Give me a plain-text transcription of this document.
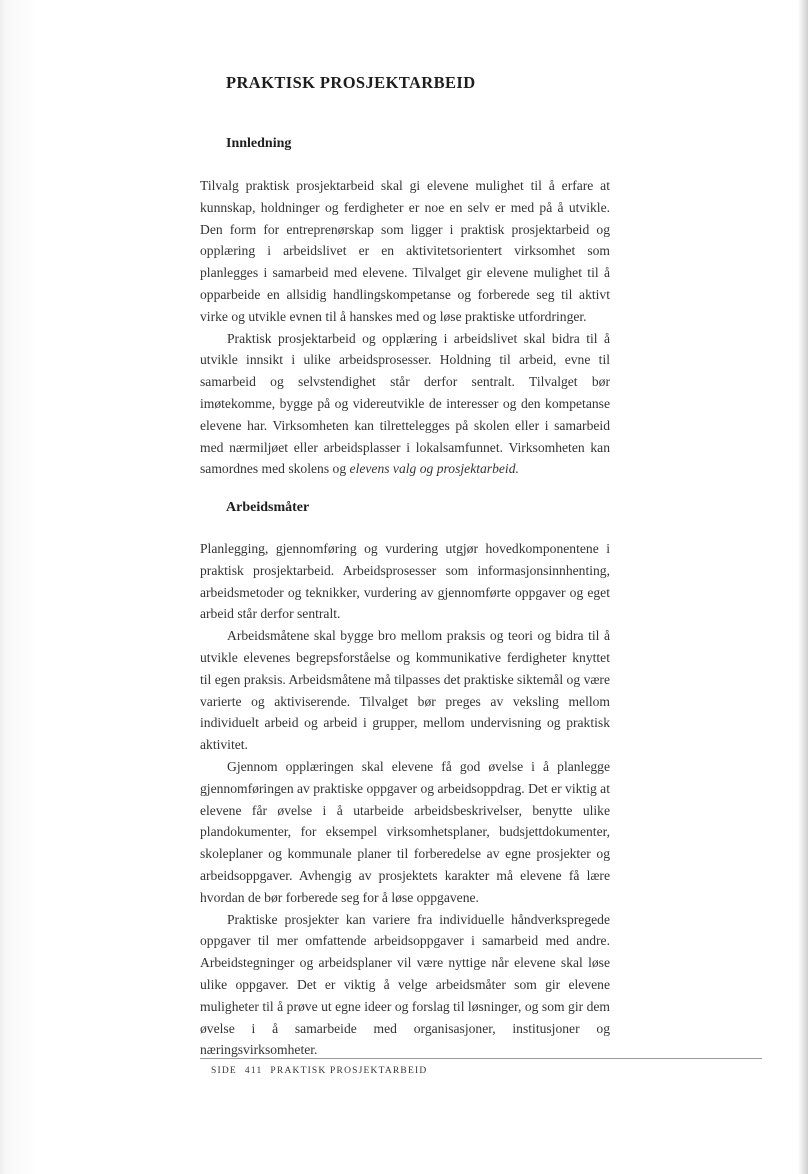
PRAKTISK PROSJEKTARBEID
Innledning

Tilvalg praktisk prosjektarbeid skal gi elevene mulighet til å erfare at kunnskap, holdninger og ferdigheter er noe en selv er med på å utvikle. Den form for entreprenørskap som ligger i praktisk prosjektarbeid og opplæring i arbeidslivet er en aktivitetsorientert virksomhet som planlegges i samarbeid med elevene. Tilvalget gir elevene mulighet til å opparbeide en allsidig handlingskompetanse og forberede seg til aktivt virke og utvikle evnen til å hanskes med og løse praktiske utfordringer.

Praktisk prosjektarbeid og opplæring i arbeidslivet skal bidra til å utvikle innsikt i ulike arbeidsprosesser. Holdning til arbeid, evne til samarbeid og selvstendighet står derfor sentralt. Tilvalget bør imøtekomme, bygge på og videreutvikle de interesser og den kompetanse elevene har. Virksomheten kan tilrettelegges på skolen eller i samarbeid med nærmiljøet eller arbeidsplasser i lokalsamfunnet. Virksomheten kan samordnes med skolens og elevens valg og prosjektarbeid.

Arbeidsmåter

Planlegging, gjennomføring og vurdering utgjør hovedkomponentene i praktisk prosjektarbeid. Arbeidsprosesser som informasjonsinnhenting, arbeidsmetoder og teknikker, vurdering av gjennomførte oppgaver og eget arbeid står derfor sentralt.

Arbeidsmåtene skal bygge bro mellom praksis og teori og bidra til å utvikle elevenes begrepsforståelse og kommunikative ferdigheter knyttet til egen praksis. Arbeidsmåtene må tilpasses det praktiske siktemål og være varierte og aktiviserende. Tilvalget bør preges av veksling mellom individuelt arbeid og arbeid i grupper, mellom undervisning og praktisk aktivitet.

Gjennom opplæringen skal elevene få god øvelse i å planlegge gjennomføringen av praktiske oppgaver og arbeidsoppdrag. Det er viktig at elevene får øvelse i å utarbeide arbeidsbeskrivelser, benytte ulike plandokumenter, for eksempel virksomhetsplaner, budsjettdokumenter, skoleplaner og kommunale planer til forberedelse av egne prosjekter og arbeidsoppgaver. Avhengig av prosjektets karakter må elevene få lære hvordan de bør forberede seg for å løse oppgavene.

Praktiske prosjekter kan variere fra individuelle håndverkspregede oppgaver til mer omfattende arbeidsoppgaver i samarbeid med andre. Arbeidstegninger og arbeidsplaner vil være nyttige når elevene skal løse ulike oppgaver. Det er viktig å velge arbeidsmåter som gir elevene muligheter til å prøve ut egne ideer og forslag til løsninger, og som gir dem øvelse i å samarbeide med organisasjoner, institusjoner og næringsvirksomheter.

SIDE 411 PRAKTISK PROSJEKTARBEID
